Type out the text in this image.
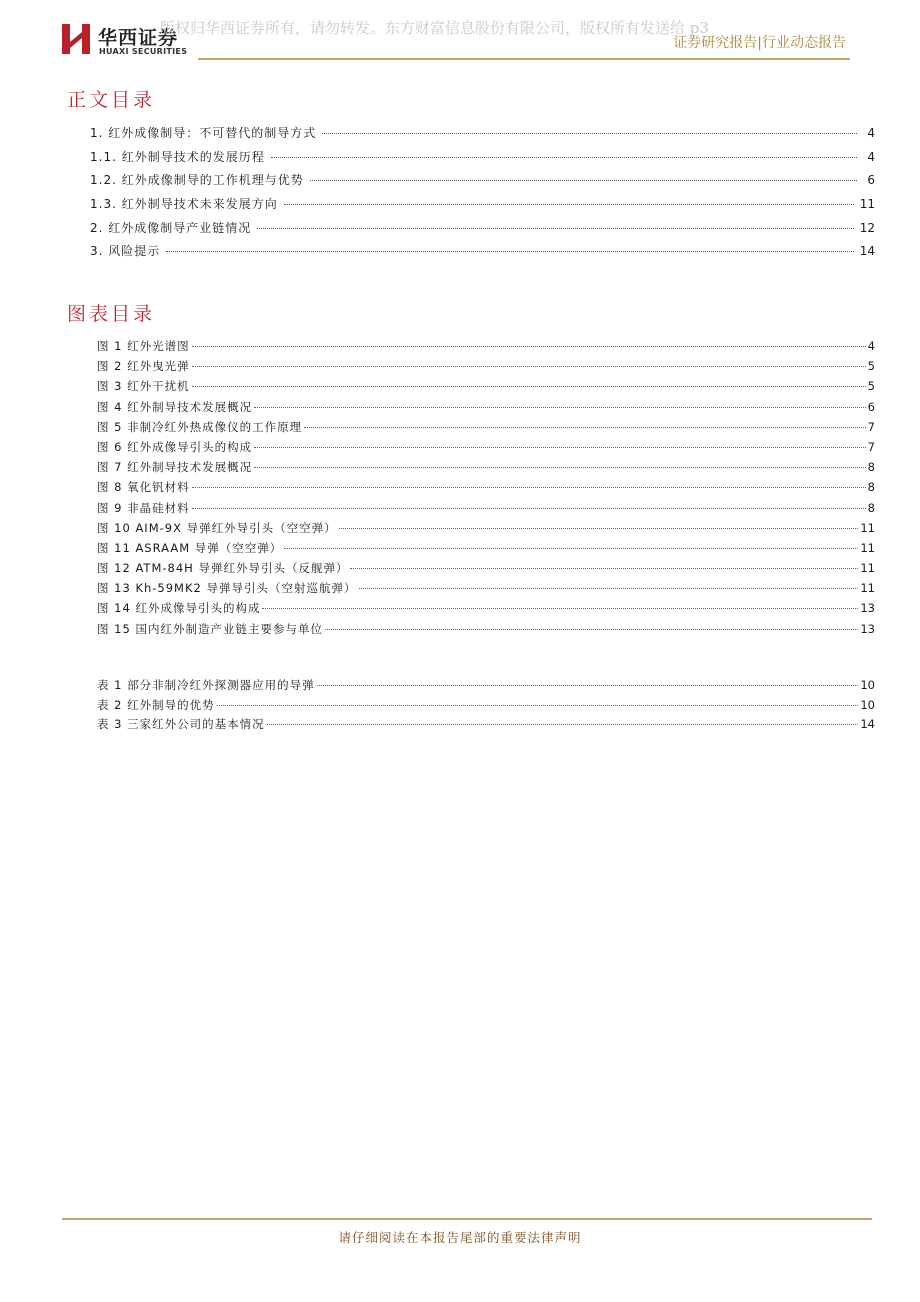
华西证券
HUAXI SECURITIES
版权归华西证券所有，请勿转发。东方财富信息股份有限公司，版权所有发送给 p3
证券研究报告|行业动态报告
正文目录
1. 红外成像制导：不可替代的制导方式	4
1.1. 红外制导技术的发展历程	4
1.2. 红外成像制导的工作机理与优势	6
1.3. 红外制导技术未来发展方向	11
2. 红外成像制导产业链情况	12
3. 风险提示	14
图表目录
图 1 红外光谱图	4
图 2 红外曳光弹	5
图 3 红外干扰机	5
图 4 红外制导技术发展概况	6
图 5 非制冷红外热成像仪的工作原理	7
图 6 红外成像导引头的构成	7
图 7 红外制导技术发展概况	8
图 8 氧化钒材料	8
图 9 非晶硅材料	8
图 10 AIM-9X 导弹红外导引头（空空弹）	11
图 11 ASRAAM 导弹（空空弹）	11
图 12 ATM-84H 导弹红外导引头（反舰弹）	11
图 13 Kh-59MK2 导弹导引头（空射巡航弹）	11
图 14 红外成像导引头的构成	13
图 15 国内红外制造产业链主要参与单位	13
表 1 部分非制冷红外探测器应用的导弹	10
表 2 红外制导的优势	10
表 3 三家红外公司的基本情况	14
请仔细阅读在本报告尾部的重要法律声明
